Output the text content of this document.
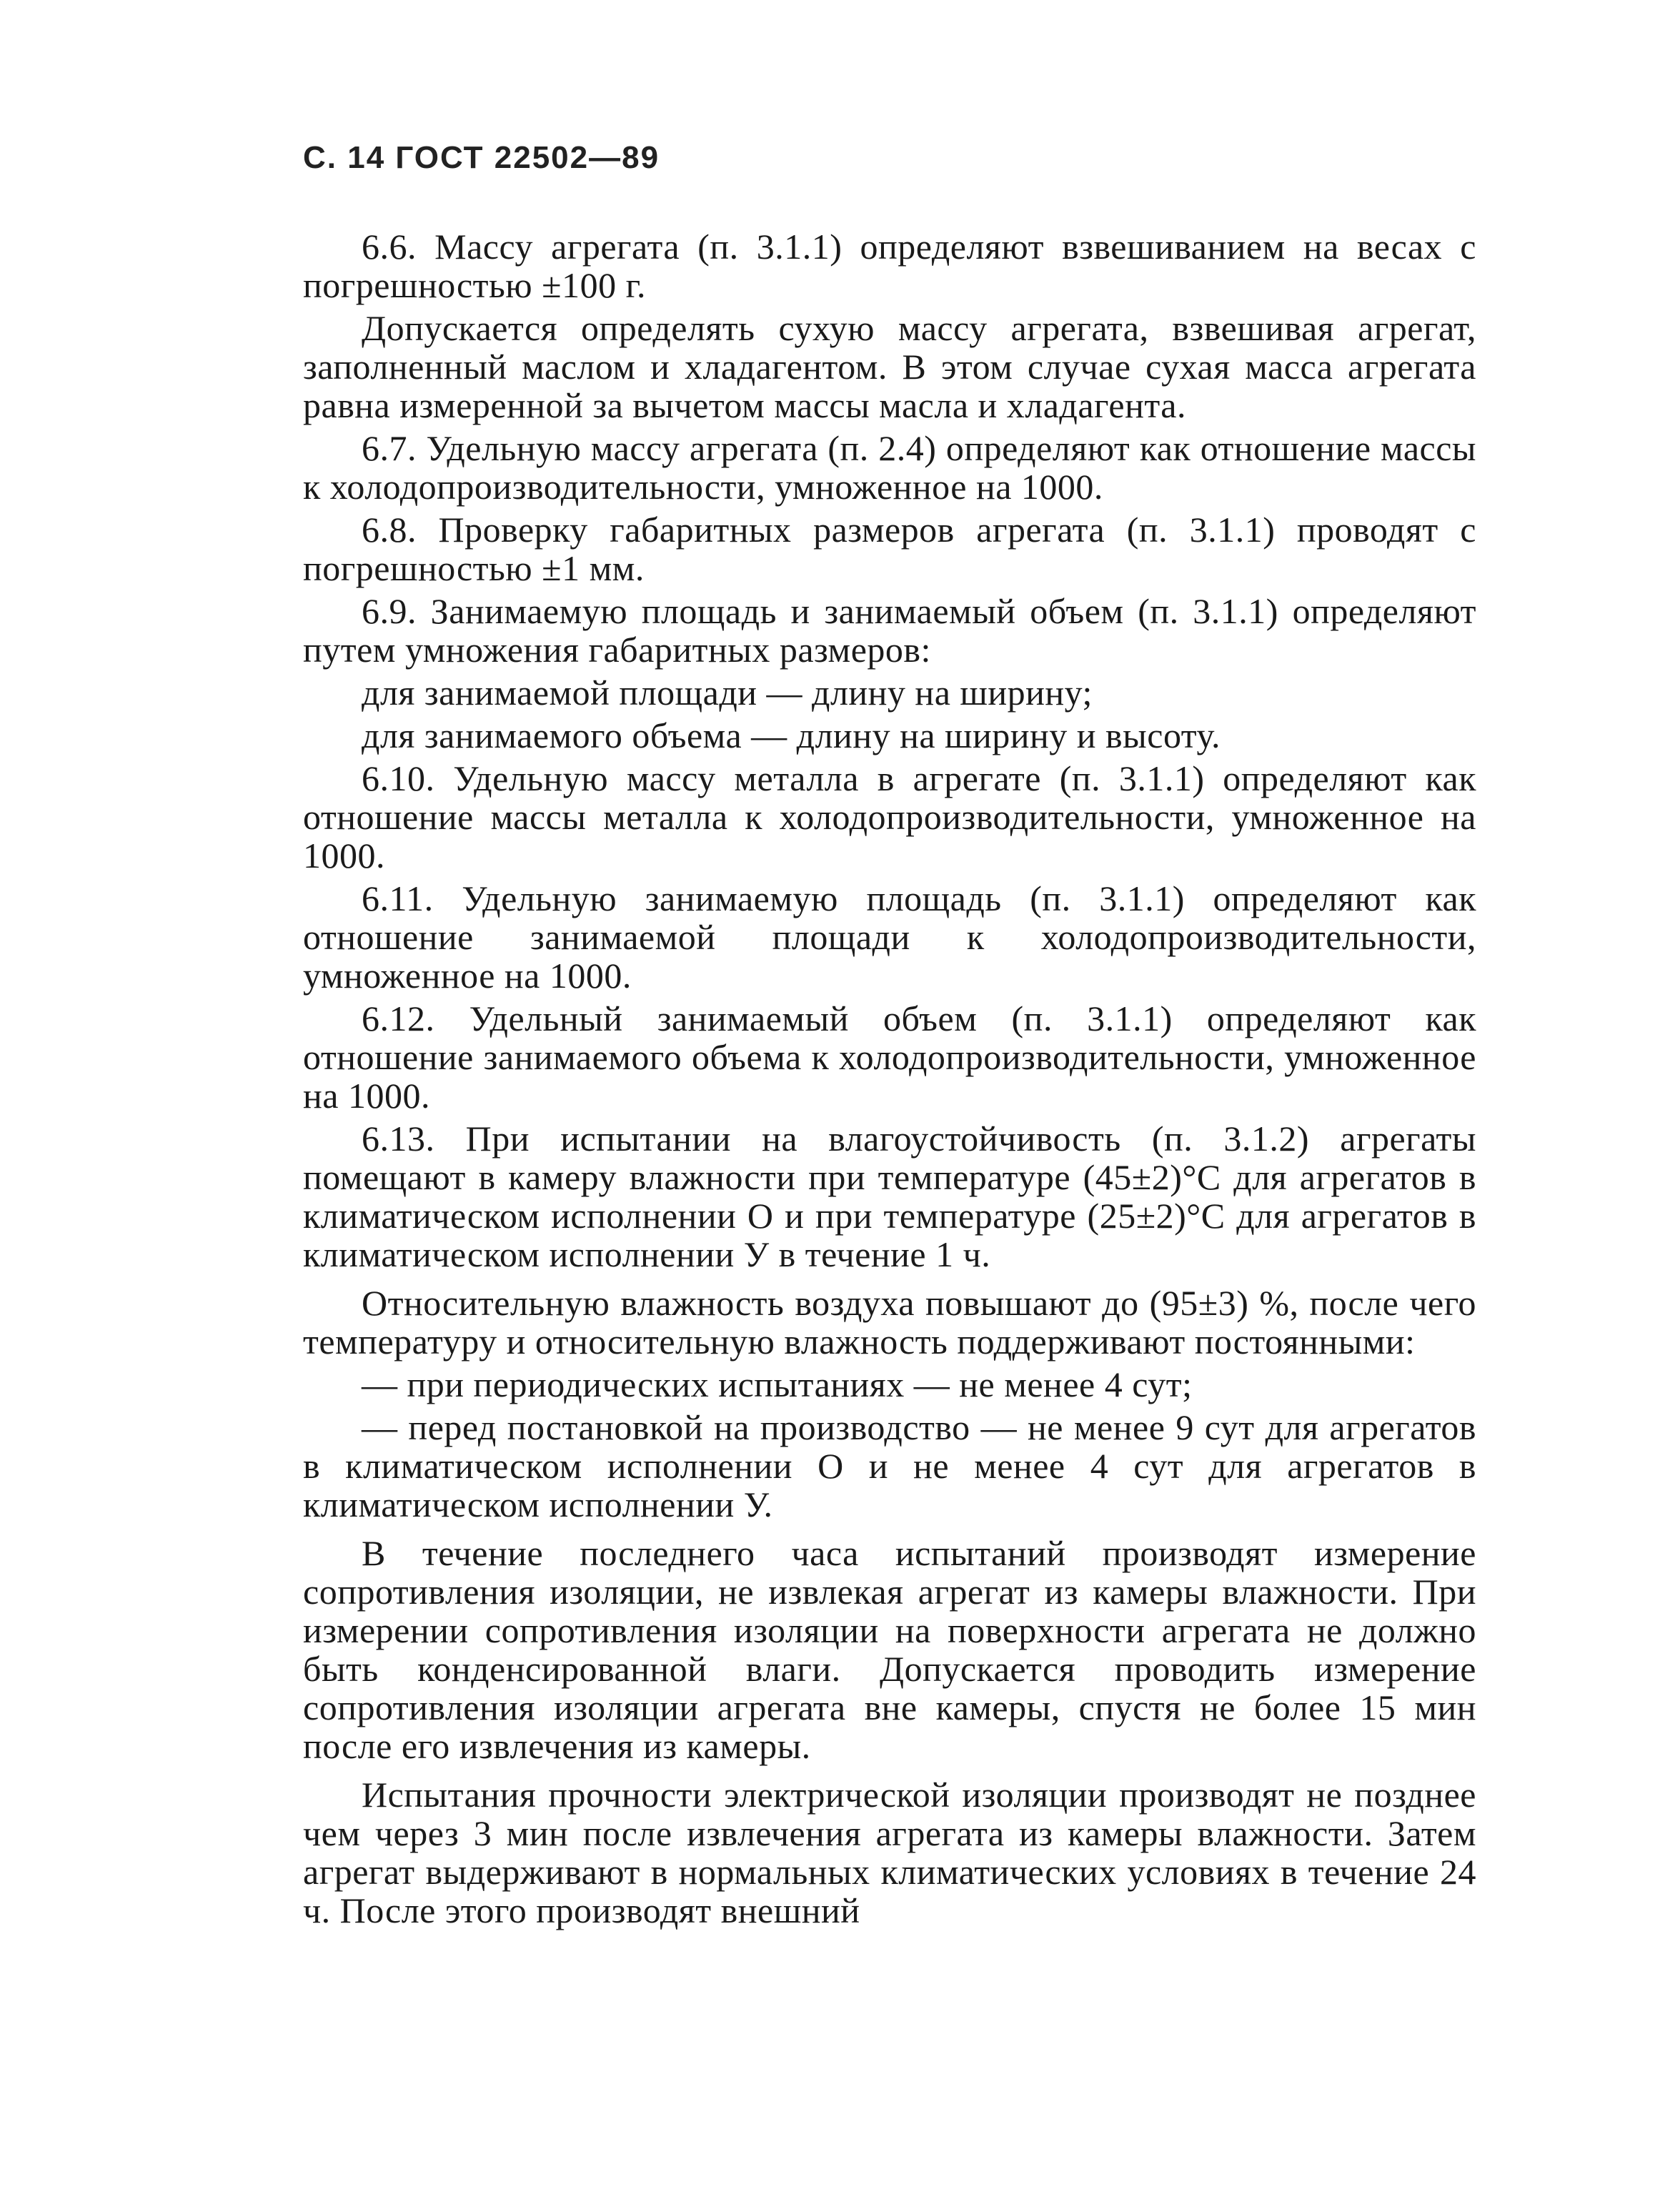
С. 14 ГОСТ 22502—89

6.6. Массу агрегата (п. 3.1.1) определяют взвешиванием на весах с погрешностью ±100 г.

Допускается определять сухую массу агрегата, взвешивая агрегат, заполненный маслом и хладагентом. В этом случае сухая масса агрегата равна измеренной за вычетом массы масла и хладагента.

6.7. Удельную массу агрегата (п. 2.4) определяют как отношение массы к холодопроизводительности, умноженное на 1000.

6.8. Проверку габаритных размеров агрегата (п. 3.1.1) проводят с погрешностью ±1 мм.

6.9. Занимаемую площадь и занимаемый объем (п. 3.1.1) определяют путем умножения габаритных размеров:

для занимаемой площади — длину на ширину;

для занимаемого объема — длину на ширину и высоту.

6.10. Удельную массу металла в агрегате (п. 3.1.1) определяют как отношение массы металла к холодопроизводительности, умноженное на 1000.

6.11. Удельную занимаемую площадь (п. 3.1.1) определяют как отношение занимаемой площади к холодопроизводительности, умноженное на 1000.

6.12. Удельный занимаемый объем (п. 3.1.1) определяют как отношение занимаемого объема к холодопроизводительности, умноженное на 1000.

6.13. При испытании на влагоустойчивость (п. 3.1.2) агрегаты помещают в камеру влажности при температуре (45±2)°С для агрегатов в климатическом исполнении О и при температуре (25±2)°С для агрегатов в климатическом исполнении У в течение 1 ч.

Относительную влажность воздуха повышают до (95±3) %, после чего температуру и относительную влажность поддерживают постоянными:

— при периодических испытаниях — не менее 4 сут;

— перед постановкой на производство — не менее 9 сут для агрегатов в климатическом исполнении О и не менее 4 сут для агрегатов в климатическом исполнении У.

В течение последнего часа испытаний производят измерение сопротивления изоляции, не извлекая агрегат из камеры влажности. При измерении сопротивления изоляции на поверхности агрегата не должно быть конденсированной влаги. Допускается проводить измерение сопротивления изоляции агрегата вне камеры, спустя не более 15 мин после его извлечения из камеры.

Испытания прочности электрической изоляции производят не позднее чем через 3 мин после извлечения агрегата из камеры влажности. Затем агрегат выдерживают в нормальных климатических условиях в течение 24 ч. После этого производят внешний
